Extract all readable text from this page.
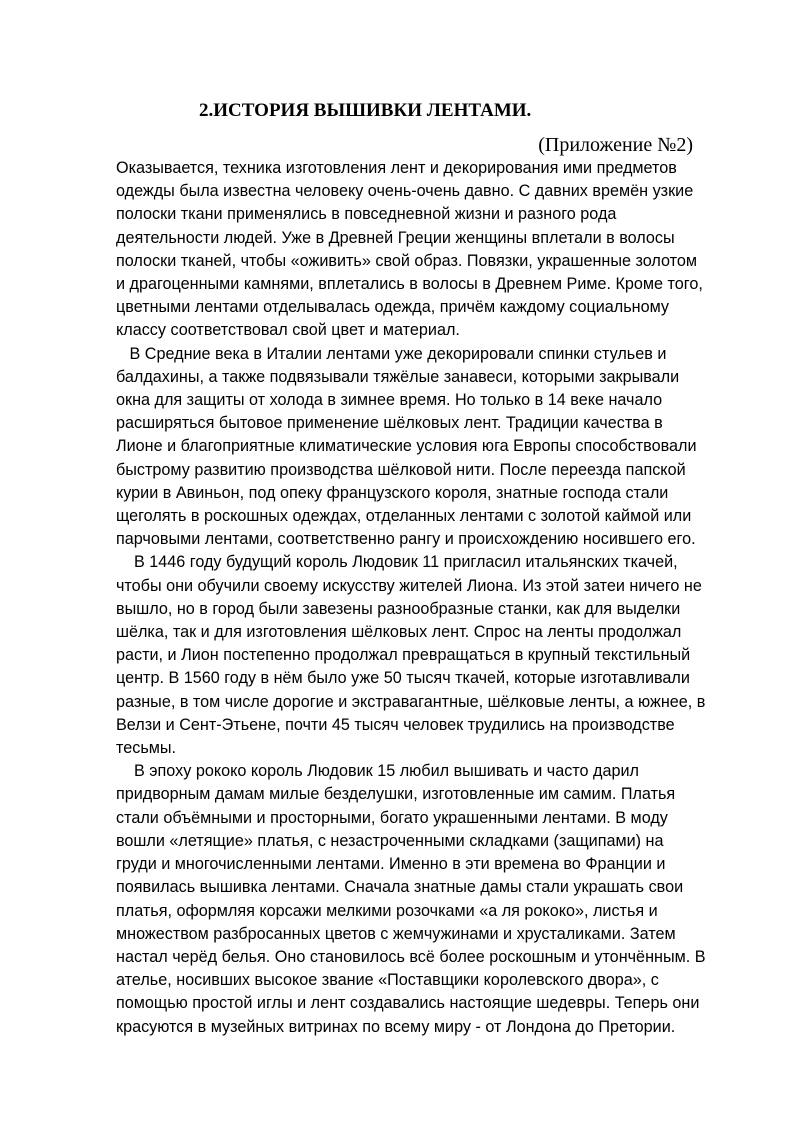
2.ИСТОРИЯ ВЫШИВКИ ЛЕНТАМИ.

(Приложение №2)

Оказывается, техника изготовления лент и декорирования ими предметов
одежды была известна человеку очень-очень давно. С давних времён узкие
полоски ткани применялись в повседневной жизни и разного рода
деятельности людей. Уже в Древней Греции женщины вплетали в волосы
полоски тканей, чтобы «оживить» свой образ. Повязки, украшенные золотом
и драгоценными камнями, вплетались в волосы в Древнем Риме. Кроме того,
цветными лентами отделывалась одежда, причём каждому социальному
классу соответствовал свой цвет и материал.
В Средние века в Италии лентами уже декорировали спинки стульев и
балдахины, а также подвязывали тяжёлые занавеси, которыми закрывали
окна для защиты от холода в зимнее время. Но только в 14 веке начало
расширяться бытовое применение шёлковых лент. Традиции качества в
Лионе и благоприятные климатические условия юга Европы способствовали
быстрому развитию производства шёлковой нити. После переезда папской
курии в Авиньон, под опеку французского короля, знатные господа стали
щеголять в роскошных одеждах, отделанных лентами с золотой каймой или
парчовыми лентами, соответственно рангу и происхождению носившего его.
В 1446 году будущий король Людовик 11 пригласил итальянских ткачей,
чтобы они обучили своему искусству жителей Лиона. Из этой затеи ничего не
вышло, но в город были завезены разнообразные станки, как для выделки
шёлка, так и для изготовления шёлковых лент. Спрос на ленты продолжал
расти, и Лион постепенно продолжал превращаться в крупный текстильный
центр. В 1560 году в нём было уже 50 тысяч ткачей, которые изготавливали
разные, в том числе дорогие и экстравагантные, шёлковые ленты, а южнее, в
Велзи и Сент-Этьене, почти 45 тысяч человек трудились на производстве
тесьмы.
В эпоху рококо король Людовик 15 любил вышивать и часто дарил
придворным дамам милые безделушки, изготовленные им самим. Платья
стали объёмными и просторными, богато украшенными лентами. В моду
вошли «летящие» платья, с незастроченными складками (защипами) на
груди и многочисленными лентами. Именно в эти времена во Франции и
появилась вышивка лентами. Сначала знатные дамы стали украшать свои
платья, оформляя корсажи мелкими розочками «а ля рококо», листья и
множеством разбросанных цветов с жемчужинами и хрусталиками. Затем
настал черёд белья. Оно становилось всё более роскошным и утончённым. В
ателье, носивших высокое звание «Поставщики королевского двора», с
помощью простой иглы и лент создавались настоящие шедевры. Теперь они
красуются в музейных витринах по всему миру - от Лондона до Претории.
